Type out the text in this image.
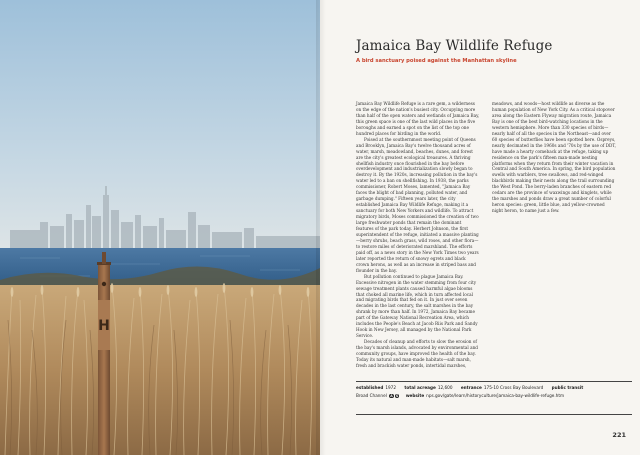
H
Jamaica Bay Wildlife Refuge

A bird sanctuary poised against the Manhattan skyline

Jamaica Bay Wildlife Refuge is a rare gem, a wilderness on the edge of the nation's busiest city. Occupying more than half of the open waters and wetlands of Jamaica Bay, this green space is one of the last wild places in the five boroughs and earned a spot on the list of the top one hundred places for birding in the world.

Poised at the southernmost meeting point of Queens and Brooklyn, Jamaica Bay's twelve thousand acres of water, marsh, meadowland, beaches, dunes, and forest are the city's greatest ecological treasures. A thriving shellfish industry once flourished in the bay before overdevelopment and industrialization slowly began to destroy it. By the 1920s, increasing pollution in the bay's water led to a ban on shellfishing. In 1938, the parks commissioner, Robert Moses, lamented, "Jamaica Bay faces the blight of bad planning, polluted water, and garbage dumping." Fifteen years later, the city established Jamaica Bay Wildlife Refuge, making it a sanctuary for both New Yorkers and wildlife. To attract migratory birds, Moses commissioned the creation of two large freshwater ponds that remain the dominant features of the park today. Herbert Johnson, the first superintendent of the refuge, initiated a massive planting—berry shrubs, beach grass, wild roses, and other flora—to restore miles of deteriorated marshland. The efforts paid off, as a news story in the New York Times two years later reported the return of snowy egrets and black crown herons, as well as an increase in striped bass and flounder in the bay.

But pollution continued to plague Jamaica Bay. Excessive nitrogen in the water stemming from four city sewage treatment plants caused harmful algae blooms that choked all marine life, which in turn affected local and migrating birds that fed on it. In just over seven decades in the last century, the salt marshes in the bay shrank by more than half. In 1972, Jamaica Bay became part of the Gateway National Recreation Area, which includes the People's Beach at Jacob Riis Park and Sandy Hook in New Jersey, all managed by the National Park Service.

Decades of cleanup and efforts to slow the erosion of the bay's marsh islands, advocated by environmental and community groups, have improved the health of the bay. Today its natural and man-made habitats—salt marsh, fresh and brackish water ponds, intertidal marshes, meadows, and woods—host wildlife as diverse as the human population of New York City. As a critical stopover area along the Eastern Flyway migration route, Jamaica Bay is one of the best bird-watching locations in the western hemisphere. More than 330 species of birds—nearly half of all the species in the Northeast—and over 60 species of butterflies have been spotted here. Ospreys, nearly decimated in the 1960s and '70s by the use of DDT, have made a hearty comeback at the refuge, taking up residence on the park's fifteen man-made nesting platforms when they return from their winter vacation in Central and South America. In spring, the bird population swells with warblers, tree swallows, and red-winged blackbirds making their nests along the trail surrounding the West Pond. The berry-laden branches of eastern red cedars are the province of waxwings and kinglets, while the marshes and ponds draw a great number of colorful heron species: green, little blue, and yellow-crowned night heron, to name just a few.

established 1972 total acreage 12,600 entrance 175-10 Cross Bay Boulevard public transit
Broad Channel A S website nps.gov/gate/learn/historyculture/jamaica-bay-wildlife-refuge.htm
221
